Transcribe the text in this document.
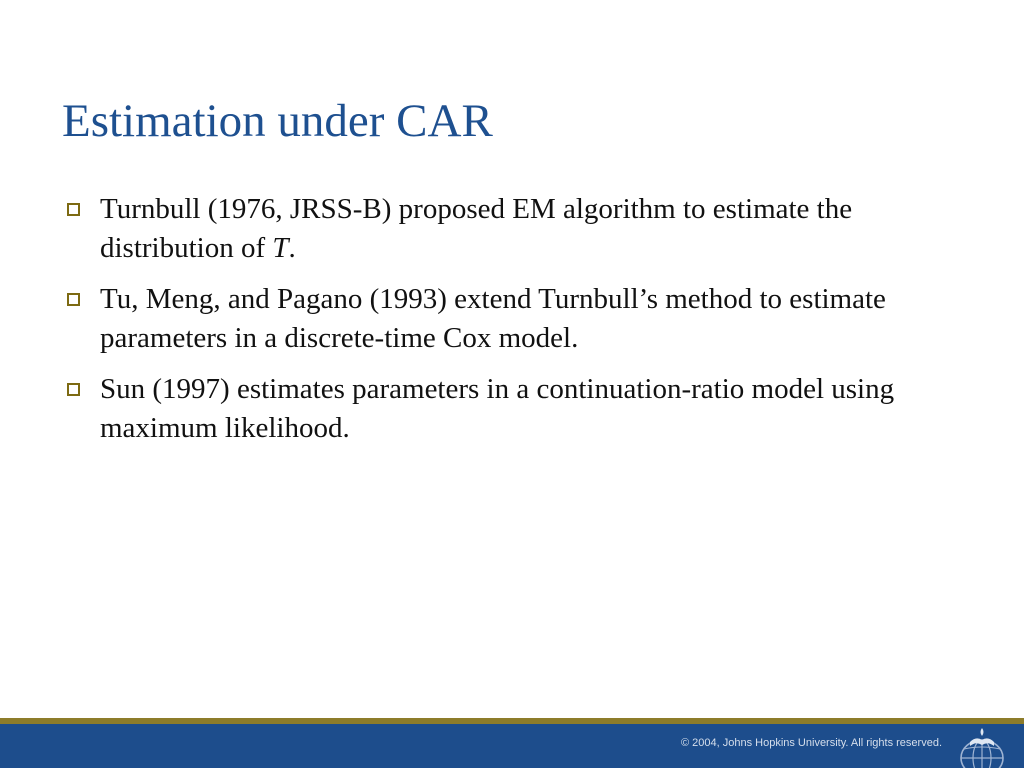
Estimation under CAR
Turnbull (1976, JRSS-B) proposed EM algorithm to estimate the distribution of T.
Tu, Meng, and Pagano (1993) extend Turnbull’s method to estimate parameters in a discrete-time Cox model.
Sun (1997) estimates parameters in a continuation-ratio model using maximum likelihood.
© 2004, Johns Hopkins University. All rights reserved.
